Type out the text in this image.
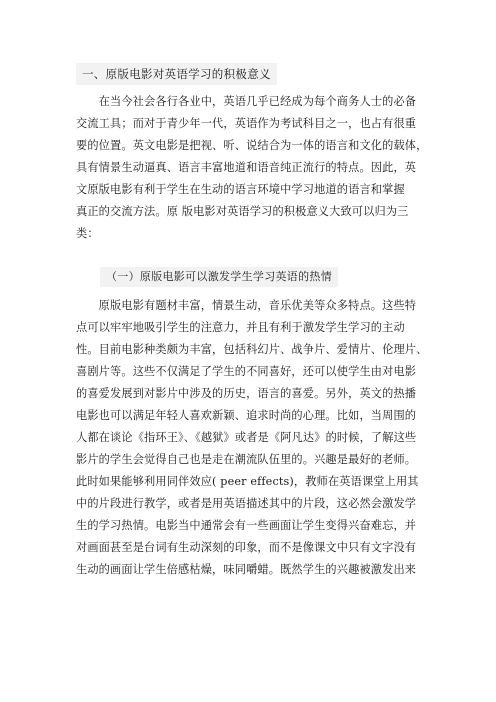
一、原版电影对英语学习的积极意义
　　在当今社会各行各业中，英语几乎已经成为每个商务人士的必备
交流工具；而对于青少年一代，英语作为考试科目之一，也占有很重
要的位置。英文电影是把视、听、说结合为一体的语言和文化的载体，
具有情景生动逼真、语言丰富地道和语音纯正流行的特点。因此，英
文原版电影有利于学生在生动的语言环境中学习地道的语言和掌握
真正的交流方法。原 版电影对英语学习的积极意义大致可以归为三
类：
（一）原版电影可以激发学生学习英语的热情
　　原版电影有题材丰富，情景生动，音乐优美等众多特点。这些特
点可以牢牢地吸引学生的注意力，并且有利于激发学生学习的主动
性。目前电影种类颇为丰富，包括科幻片、战争片、爱情片、伦理片、
喜剧片等。这些不仅满足了学生的不同喜好，还可以使学生由对电影
的喜爱发展到对影片中涉及的历史，语言的喜爱。另外，英文的热播
电影也可以满足年轻人喜欢新颖、追求时尚的心理。比如，当周围的
人都在谈论《指环王》、《越狱》或者是《阿凡达》的时候，了解这些
影片的学生会觉得自己也是走在潮流队伍里的。兴趣是最好的老师。
此时如果能够利用同伴效应( peer effects)，教师在英语课堂上用其
中的片段进行教学，或者是用英语描述其中的片段，这必然会激发学
生的学习热情。电影当中通常会有一些画面让学生变得兴奋难忘，并
对画面甚至是台词有生动深刻的印象，而不是像课文中只有文字没有
生动的画面让学生倍感枯燥，味同嚼蜡。既然学生的兴趣被激发出来
